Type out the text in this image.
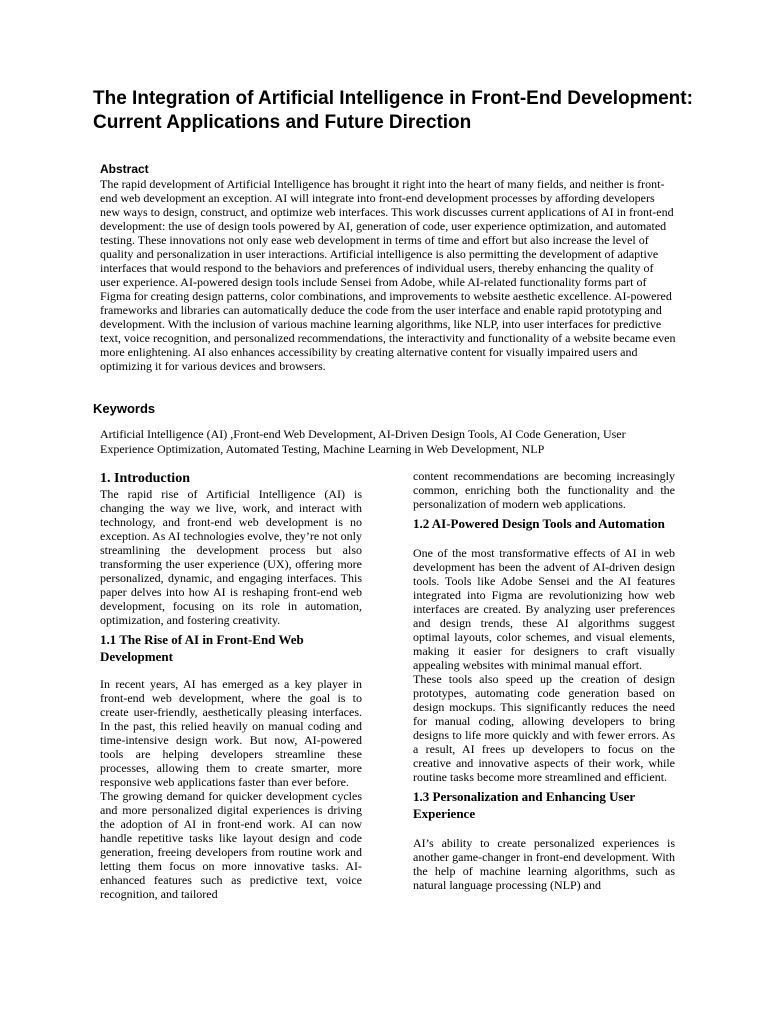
The Integration of Artificial Intelligence in Front-End Development: Current Applications and Future Direction
Abstract

The rapid development of Artificial Intelligence has brought it right into the heart of many fields, and neither is front-end web development an exception. AI will integrate into front-end development processes by affording developers new ways to design, construct, and optimize web interfaces. This work discusses current applications of AI in front-end development: the use of design tools powered by AI, generation of code, user experience optimization, and automated testing. These innovations not only ease web development in terms of time and effort but also increase the level of quality and personalization in user interactions. Artificial intelligence is also permitting the development of adaptive interfaces that would respond to the behaviors and preferences of individual users, thereby enhancing the quality of user experience. AI-powered design tools include Sensei from Adobe, while AI-related functionality forms part of Figma for creating design patterns, color combinations, and improvements to website aesthetic excellence. AI-powered frameworks and libraries can automatically deduce the code from the user interface and enable rapid prototyping and development. With the inclusion of various machine learning algorithms, like NLP, into user interfaces for predictive text, voice recognition, and personalized recommendations, the interactivity and functionality of a website became even more enlightening. AI also enhances accessibility by creating alternative content for visually impaired users and optimizing it for various devices and browsers.

Keywords

Artificial Intelligence (AI) ,Front-end Web Development, AI-Driven Design Tools, AI Code Generation, User Experience Optimization, Automated Testing, Machine Learning in Web Development, NLP

1. Introduction

The rapid rise of Artificial Intelligence (AI) is changing the way we live, work, and interact with technology, and front-end web development is no exception. As AI technologies evolve, they’re not only streamlining the development process but also transforming the user experience (UX), offering more personalized, dynamic, and engaging interfaces. This paper delves into how AI is reshaping front-end web development, focusing on its role in automation, optimization, and fostering creativity.

1.1 The Rise of AI in Front-End Web Development

In recent years, AI has emerged as a key player in front-end web development, where the goal is to create user-friendly, aesthetically pleasing interfaces. In the past, this relied heavily on manual coding and time-intensive design work. But now, AI-powered tools are helping developers streamline these processes, allowing them to create smarter, more responsive web applications faster than ever before.

The growing demand for quicker development cycles and more personalized digital experiences is driving the adoption of AI in front-end work. AI can now handle repetitive tasks like layout design and code generation, freeing developers from routine work and letting them focus on more innovative tasks. AI-enhanced features such as predictive text, voice recognition, and tailored

content recommendations are becoming increasingly common, enriching both the functionality and the personalization of modern web applications.

1.2 AI-Powered Design Tools and Automation

One of the most transformative effects of AI in web development has been the advent of AI-driven design tools. Tools like Adobe Sensei and the AI features integrated into Figma are revolutionizing how web interfaces are created. By analyzing user preferences and design trends, these AI algorithms suggest optimal layouts, color schemes, and visual elements, making it easier for designers to craft visually appealing websites with minimal manual effort.

These tools also speed up the creation of design prototypes, automating code generation based on design mockups. This significantly reduces the need for manual coding, allowing developers to bring designs to life more quickly and with fewer errors. As a result, AI frees up developers to focus on the creative and innovative aspects of their work, while routine tasks become more streamlined and efficient.

1.3 Personalization and Enhancing User Experience

AI’s ability to create personalized experiences is another game-changer in front-end development. With the help of machine learning algorithms, such as natural language processing (NLP) and
